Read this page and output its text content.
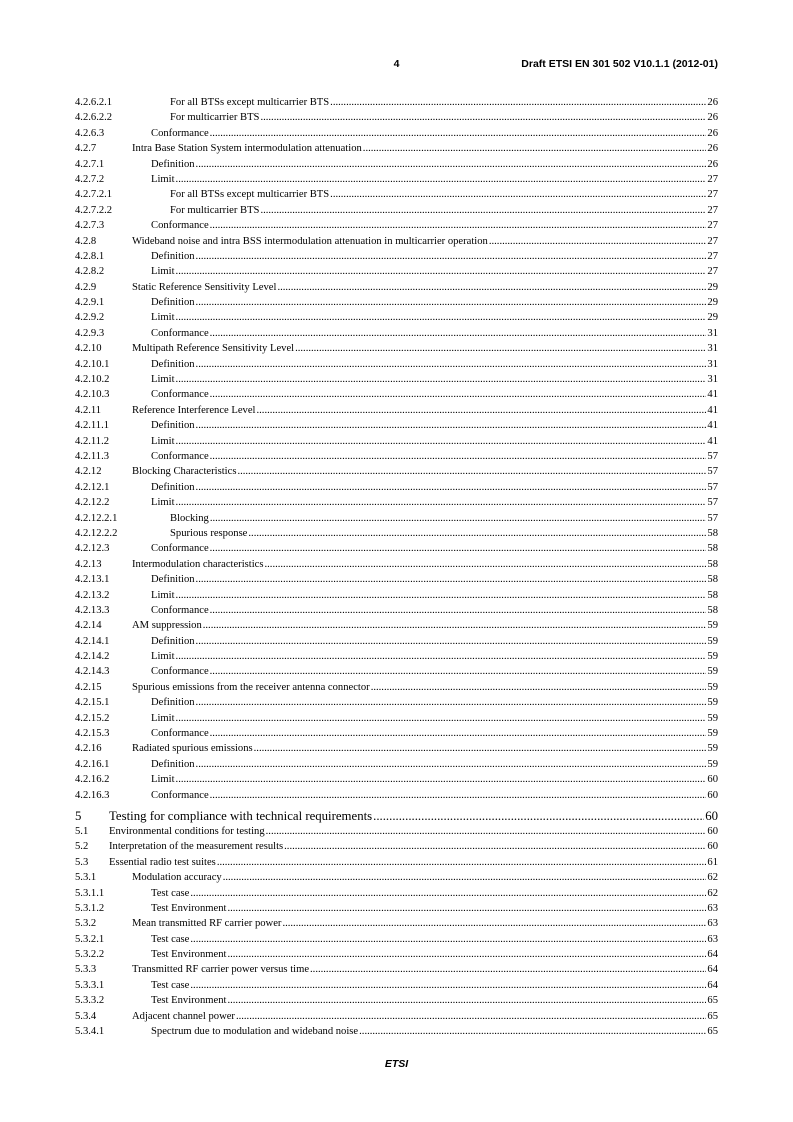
4	Draft ETSI EN 301 502 V10.1.1 (2012-01)
4.2.6.2.1	For all BTSs except multicarrier BTS .....	26
4.2.6.2.2	For multicarrier BTS .....	26
4.2.6.3	Conformance .....	26
4.2.7	Intra Base Station System intermodulation attenuation .....	26
4.2.7.1	Definition .....	26
4.2.7.2	Limit .....	27
4.2.7.2.1	For all BTSs except multicarrier BTS .....	27
4.2.7.2.2	For multicarrier BTS .....	27
4.2.7.3	Conformance .....	27
4.2.8	Wideband noise and intra BSS intermodulation attenuation in multicarrier operation .....	27
4.2.8.1	Definition .....	27
4.2.8.2	Limit .....	27
4.2.9	Static Reference Sensitivity Level .....	29
4.2.9.1	Definition .....	29
4.2.9.2	Limit .....	29
4.2.9.3	Conformance .....	31
4.2.10	Multipath Reference Sensitivity Level .....	31
4.2.10.1	Definition .....	31
4.2.10.2	Limit .....	31
4.2.10.3	Conformance .....	41
4.2.11	Reference Interference Level .....	41
4.2.11.1	Definition .....	41
4.2.11.2	Limit .....	41
4.2.11.3	Conformance .....	57
4.2.12	Blocking Characteristics .....	57
4.2.12.1	Definition .....	57
4.2.12.2	Limit .....	57
4.2.12.2.1	Blocking .....	57
4.2.12.2.2	Spurious response .....	58
4.2.12.3	Conformance .....	58
4.2.13	Intermodulation characteristics .....	58
4.2.13.1	Definition .....	58
4.2.13.2	Limit .....	58
4.2.13.3	Conformance .....	58
4.2.14	AM suppression .....	59
4.2.14.1	Definition .....	59
4.2.14.2	Limit .....	59
4.2.14.3	Conformance .....	59
4.2.15	Spurious emissions from the receiver antenna connector .....	59
4.2.15.1	Definition .....	59
4.2.15.2	Limit .....	59
4.2.15.3	Conformance .....	59
4.2.16	Radiated spurious emissions .....	59
4.2.16.1	Definition .....	59
4.2.16.2	Limit .....	60
4.2.16.3	Conformance .....	60
5 Testing for compliance with technical requirements .....	60
5.1 Environmental conditions for testing .....	60
5.2 Interpretation of the measurement results .....	60
5.3 Essential radio test suites .....	61
5.3.1	Modulation accuracy .....	62
5.3.1.1	Test case .....	62
5.3.1.2	Test Environment .....	63
5.3.2	Mean transmitted RF carrier power .....	63
5.3.2.1	Test case .....	63
5.3.2.2	Test Environment .....	64
5.3.3	Transmitted RF carrier power versus time .....	64
5.3.3.1	Test case .....	64
5.3.3.2	Test Environment .....	65
5.3.4	Adjacent channel power .....	65
5.3.4.1	Spectrum due to modulation and wideband noise .....	65
ETSI
